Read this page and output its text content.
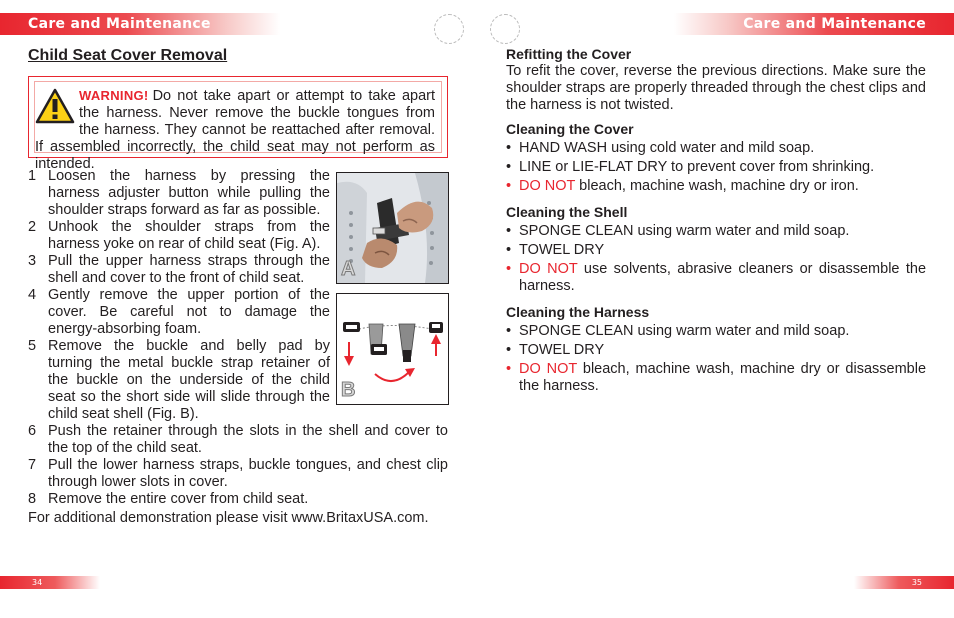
Care and Maintenance	Care and Maintenance
Child Seat Cover Removal
WARNING! Do not take apart or attempt to take apart the harness. Never remove the buckle tongues from the harness. They cannot be reattached after removal. If assembled incorrectly, the child seat may not perform as intended.
1 Loosen the harness by pressing the harness adjuster button while pulling the shoulder straps forward as far as possible.
2 Unhook the shoulder straps from the harness yoke on rear of child seat (Fig. A).
3 Pull the upper harness straps through the shell and cover to the front of child seat.
4 Gently remove the upper portion of the cover. Be careful not to damage the energy-absorbing foam.
5 Remove the buckle and belly pad by turning the metal buckle strap retainer of the buckle on the underside of the child seat so the short side will slide through the child seat shell (Fig. B).
6 Push the retainer through the slots in the shell and cover to the top of the child seat.
7 Pull the lower harness straps, buckle tongues, and chest clip through lower slots in cover.
8 Remove the entire cover from child seat.
For additional demonstration please visit www.BritaxUSA.com.
A
B
Refitting the Cover

To refit the cover, reverse the previous directions. Make sure the shoulder straps are properly threaded through the chest clips and the harness is not twisted.

Cleaning the Cover
• HAND WASH using cold water and mild soap.
• LINE or LIE-FLAT DRY to prevent cover from shrinking.
• DO NOT bleach, machine wash, machine dry or iron.
Cleaning the Shell
• SPONGE CLEAN using warm water and mild soap.
• TOWEL DRY
• DO NOT use solvents, abrasive cleaners or disassemble the harness.
Cleaning the Harness
• SPONGE CLEAN using warm water and mild soap.
• TOWEL DRY
• DO NOT bleach, machine wash, machine dry or disassemble the harness.
34	35
